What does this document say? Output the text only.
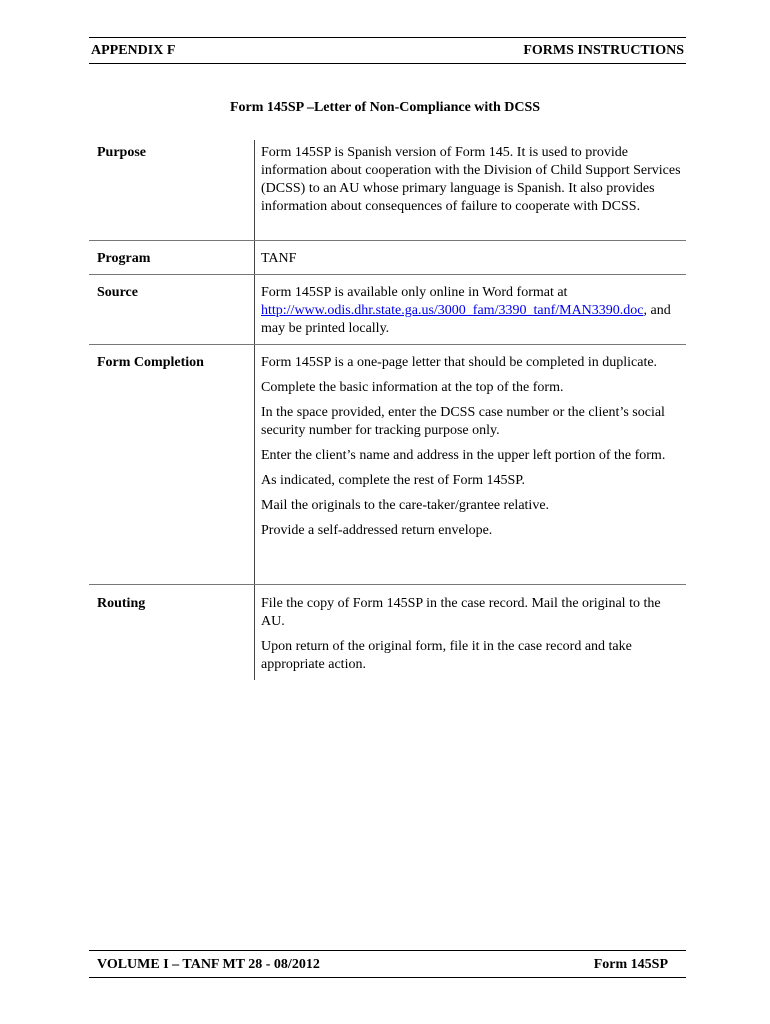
APPENDIX F	FORMS INSTRUCTIONS
Form 145SP –Letter of Non-Compliance with DCSS
Purpose	Form 145SP is Spanish version of Form 145. It is used to provide information about cooperation with the Division of Child Support Services (DCSS) to an AU whose primary language is Spanish. It also provides information about consequences of failure to cooperate with DCSS.

Program	TANF

Source	Form 145SP is available only online in Word format at http://www.odis.dhr.state.ga.us/3000_fam/3390_tanf/MAN3390.doc, and may be printed locally.

Form Completion	Form 145SP is a one-page letter that should be completed in duplicate.

Complete the basic information at the top of the form.

In the space provided, enter the DCSS case number or the client’s social security number for tracking purpose only.

Enter the client’s name and address in the upper left portion of the form.

As indicated, complete the rest of Form 145SP.

Mail the originals to the care-taker/grantee relative.

Provide a self-addressed return envelope.

Routing	File the copy of Form 145SP in the case record. Mail the original to the AU.

Upon return of the original form, file it in the case record and take appropriate action.

VOLUME I – TANF MT 28 - 08/2012	Form 145SP
